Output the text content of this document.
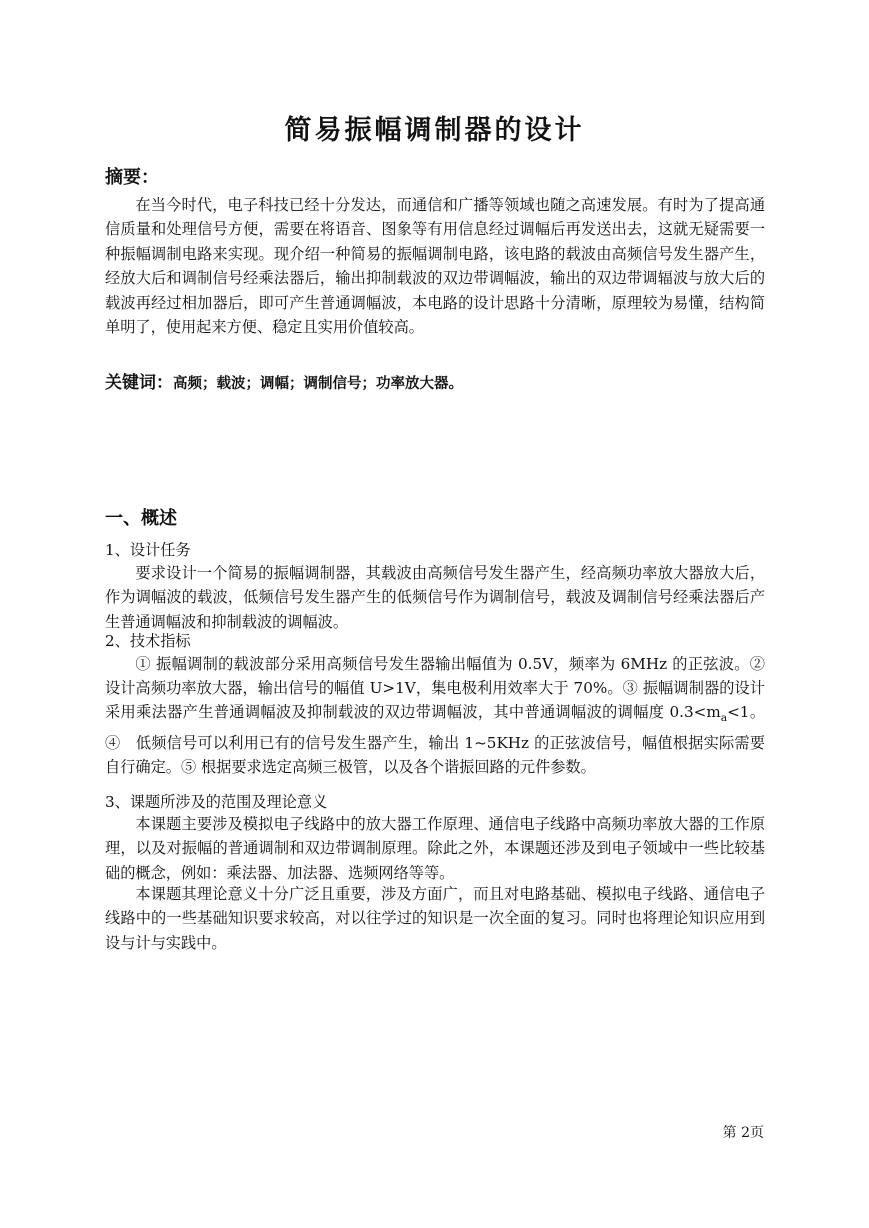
简易振幅调制器的设计

摘要：

在当今时代，电子科技已经十分发达，而通信和广播等领域也随之高速发展。有时为了提高通信质量和处理信号方便，需要在将语音、图象等有用信息经过调幅后再发送出去，这就无疑需要一种振幅调制电路来实现。现介绍一种简易的振幅调制电路，该电路的载波由高频信号发生器产生，经放大后和调制信号经乘法器后，输出抑制载波的双边带调幅波，输出的双边带调辐波与放大后的载波再经过相加器后，即可产生普通调幅波，本电路的设计思路十分清晰，原理较为易懂，结构简单明了，使用起来方便、稳定且实用价值较高。

关键词：高频；载波；调幅；调制信号；功率放大器。

一、概述

1、设计任务

要求设计一个简易的振幅调制器，其载波由高频信号发生器产生，经高频功率放大器放大后，作为调幅波的载波，低频信号发生器产生的低频信号作为调制信号，载波及调制信号经乘法器后产生普通调幅波和抑制载波的调幅波。

2、技术指标

① 振幅调制的载波部分采用高频信号发生器输出幅值为 0.5V，频率为 6MHz 的正弦波。② 设计高频功率放大器，输出信号的幅值 U>1V，集电极利用效率大于 70%。③ 振幅调制器的设计采用乘法器产生普通调幅波及抑制载波的双边带调幅波，其中普通调幅波的调幅度 $0.3<m_a<1$。④　低频信号可以利用已有的信号发生器产生，输出 1~5KHz 的正弦波信号，幅值根据实际需要自行确定。⑤ 根据要求选定高频三极管，以及各个谐振回路的元件参数。

3、课题所涉及的范围及理论意义

本课题主要涉及模拟电子线路中的放大器工作原理、通信电子线路中高频功率放大器的工作原理，以及对振幅的普通调制和双边带调制原理。除此之外，本课题还涉及到电子领域中一些比较基础的概念，例如：乘法器、加法器、选频网络等等。

本课题其理论意义十分广泛且重要，涉及方面广，而且对电路基础、模拟电子线路、通信电子线路中的一些基础知识要求较高，对以往学过的知识是一次全面的复习。同时也将理论知识应用到设与计与实践中。

第 2页
